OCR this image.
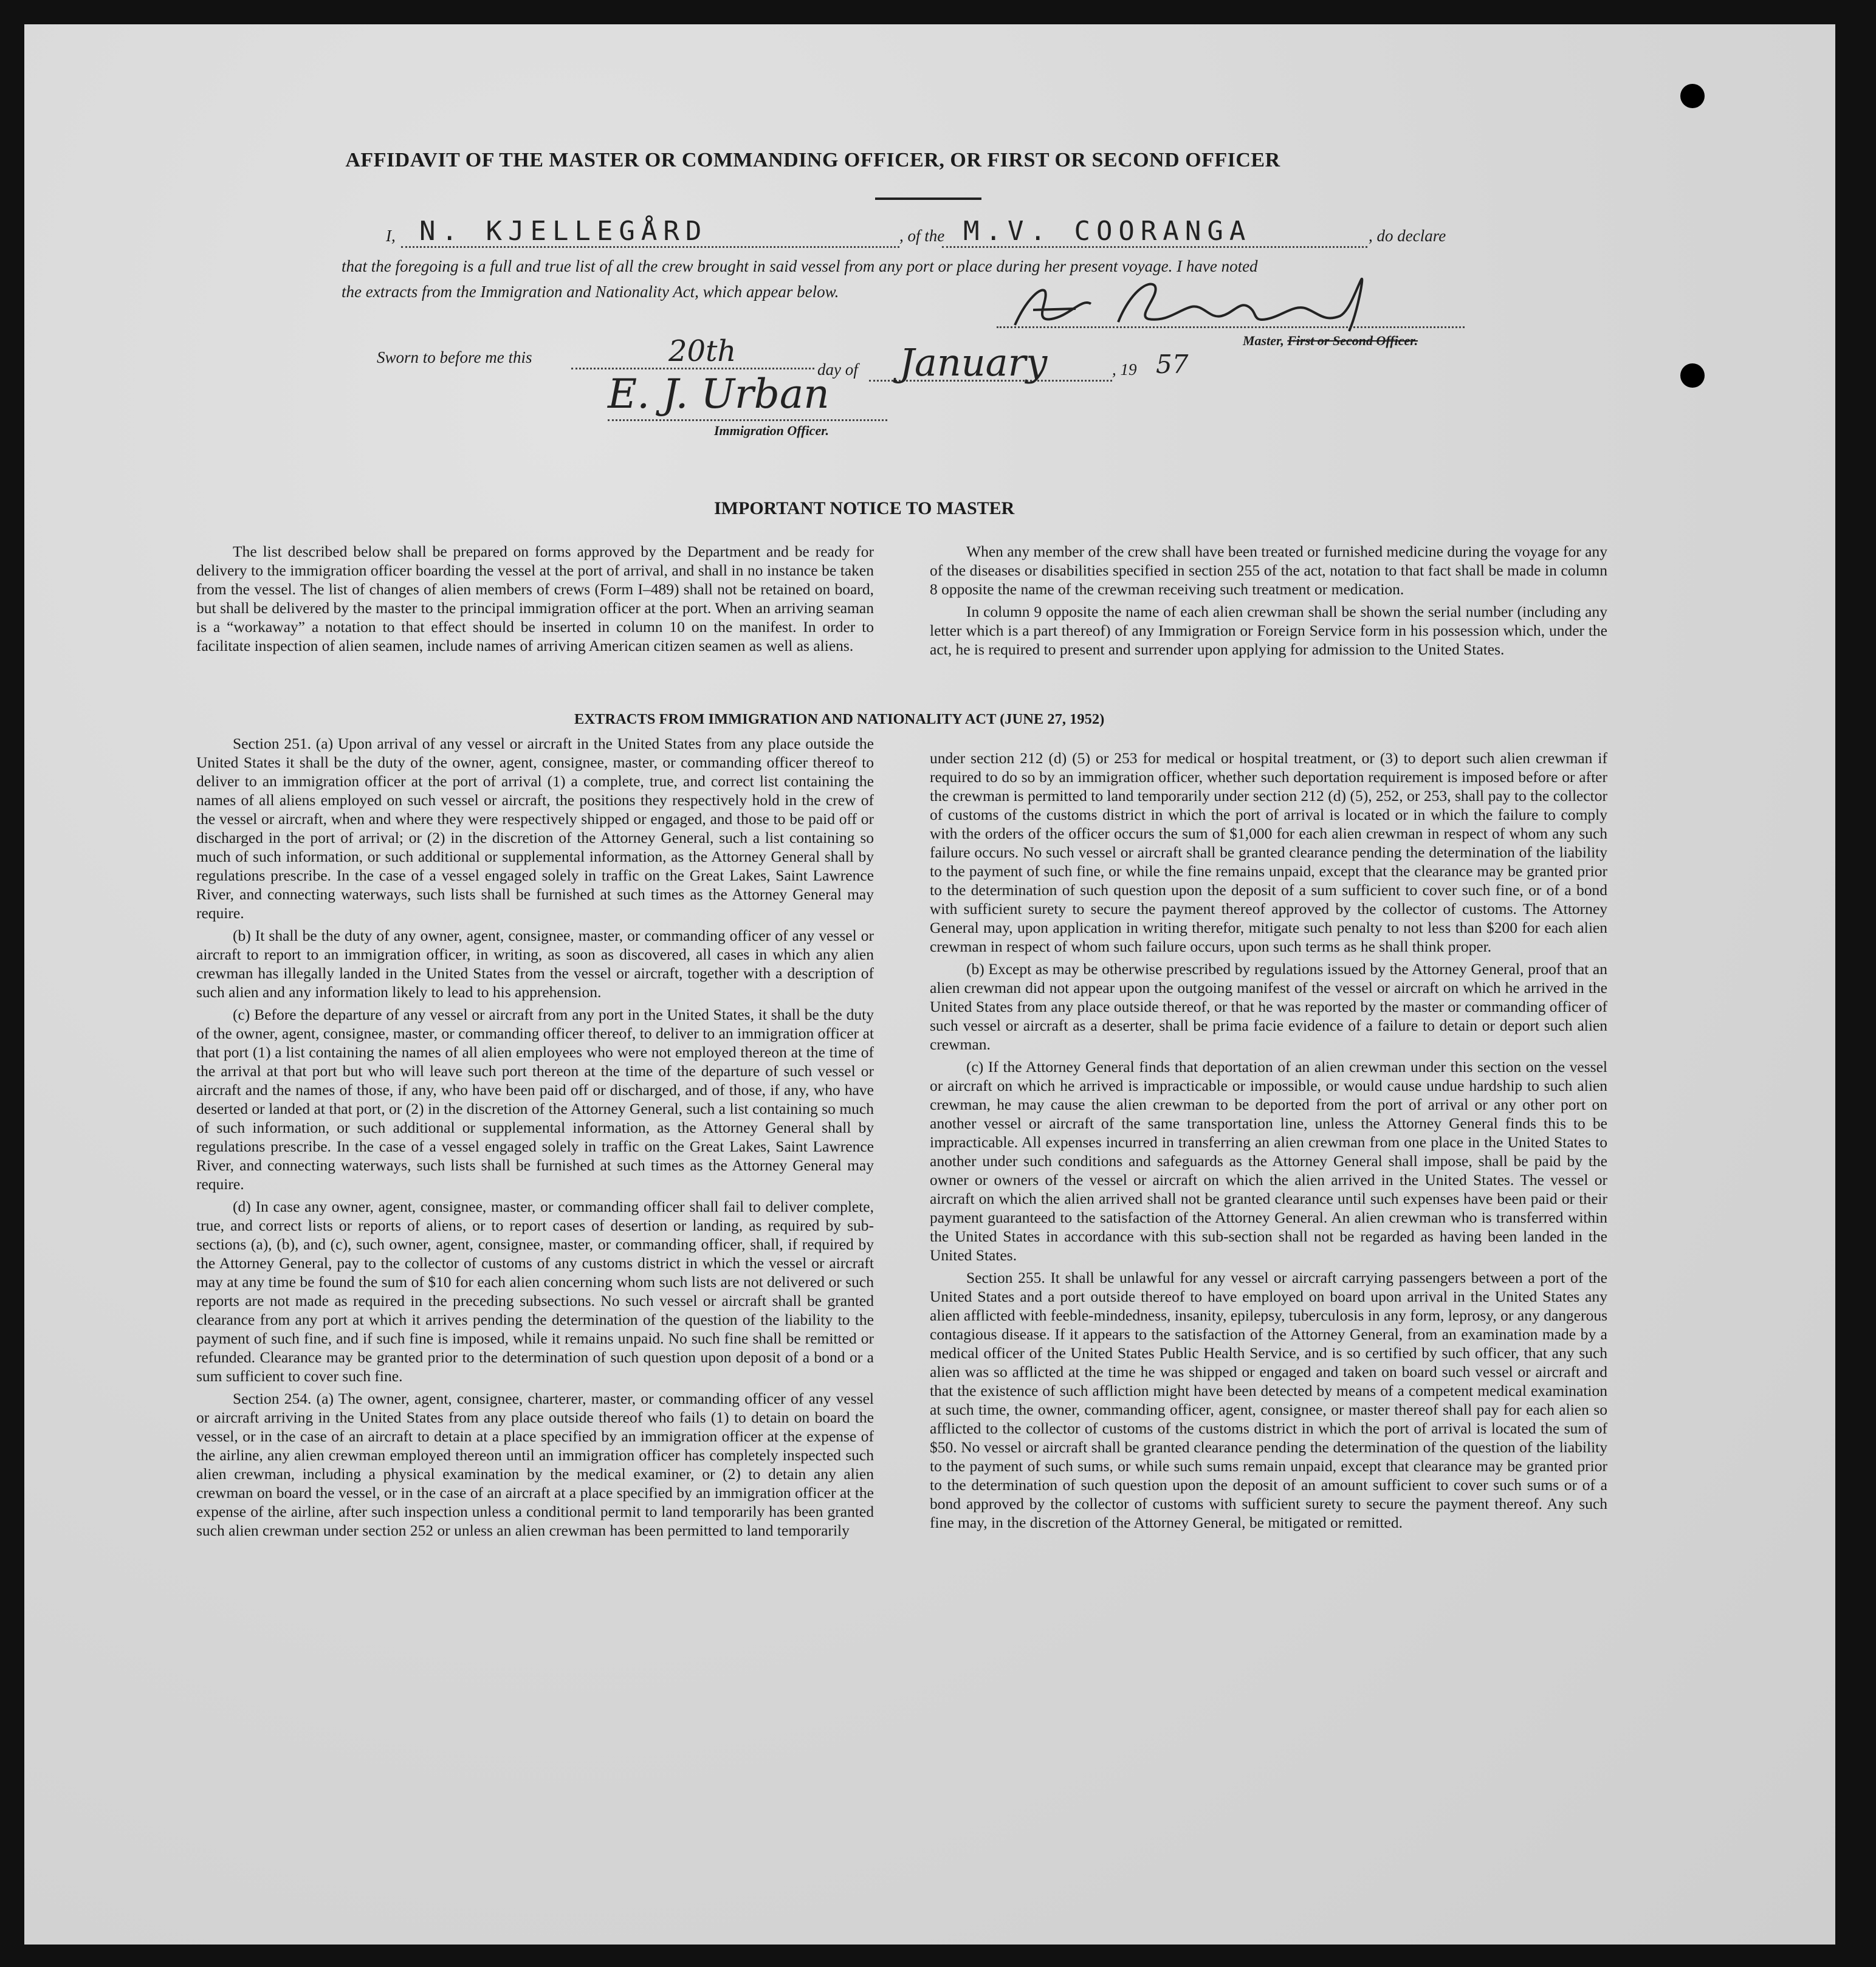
AFFIDAVIT OF THE MASTER OR COMMANDING OFFICER, OR FIRST OR SECOND OFFICER
I, N. KJELLEGÅRD	, of the M.V. COORANGA	, do declare
that the foregoing is a full and true list of all the crew brought in said vessel from any port or place during her present voyage. I have noted
the extracts from the Immigration and Nationality Act, which appear below.
Master, First or Second Officer.
Sworn to before me this	20th
day of January	, 19 57
E. J. Urban
Immigration Officer.
IMPORTANT NOTICE TO MASTER

The list described below shall be prepared on forms approved by the Department and be ready for delivery to the immigration officer boarding the vessel at the port of arrival, and shall in no instance be taken from the vessel. The list of changes of alien members of crews (Form I–489) shall not be retained on board, but shall be delivered by the master to the principal immigration officer at the port. When an arriving seaman is a “workaway” a notation to that effect should be inserted in column 10 on the manifest. In order to facilitate inspection of alien seamen, include names of arriving American citizen seamen as well as aliens.

When any member of the crew shall have been treated or furnished medicine during the voyage for any of the diseases or disabilities specified in section 255 of the act, notation to that fact shall be made in column 8 opposite the name of the crewman receiving such treatment or medication.

In column 9 opposite the name of each alien crewman shall be shown the serial number (including any letter which is a part thereof) of any Immigration or Foreign Service form in his possession which, under the act, he is required to present and surrender upon applying for admission to the United States.

EXTRACTS FROM IMMIGRATION AND NATIONALITY ACT (JUNE 27, 1952)

Section 251. (a) Upon arrival of any vessel or aircraft in the United States from any place outside the United States it shall be the duty of the owner, agent, consignee, master, or commanding officer thereof to deliver to an immigration officer at the port of arrival (1) a complete, true, and correct list containing the names of all aliens employed on such vessel or aircraft, the positions they respectively hold in the crew of the vessel or aircraft, when and where they were respectively shipped or engaged, and those to be paid off or discharged in the port of arrival; or (2) in the discretion of the Attorney General, such a list containing so much of such information, or such additional or supplemental information, as the Attorney General shall by regulations prescribe. In the case of a vessel engaged solely in traffic on the Great Lakes, Saint Lawrence River, and connecting waterways, such lists shall be furnished at such times as the Attorney General may require.

(b) It shall be the duty of any owner, agent, consignee, master, or commanding officer of any vessel or aircraft to report to an immigration officer, in writing, as soon as discovered, all cases in which any alien crewman has illegally landed in the United States from the vessel or aircraft, together with a description of such alien and any information likely to lead to his apprehension.

(c) Before the departure of any vessel or aircraft from any port in the United States, it shall be the duty of the owner, agent, consignee, master, or commanding officer thereof, to deliver to an immigration officer at that port (1) a list containing the names of all alien employees who were not employed thereon at the time of the arrival at that port but who will leave such port thereon at the time of the departure of such vessel or aircraft and the names of those, if any, who have been paid off or discharged, and of those, if any, who have deserted or landed at that port, or (2) in the discretion of the Attorney General, such a list containing so much of such information, or such additional or supplemental information, as the Attorney General shall by regulations prescribe. In the case of a vessel engaged solely in traffic on the Great Lakes, Saint Lawrence River, and connecting waterways, such lists shall be furnished at such times as the Attorney General may require.

(d) In case any owner, agent, consignee, master, or commanding officer shall fail to deliver complete, true, and correct lists or reports of aliens, or to report cases of desertion or landing, as required by sub-sections (a), (b), and (c), such owner, agent, consignee, master, or commanding officer, shall, if required by the Attorney General, pay to the collector of customs of any customs district in which the vessel or aircraft may at any time be found the sum of $10 for each alien concerning whom such lists are not delivered or such reports are not made as required in the preceding subsections. No such vessel or aircraft shall be granted clearance from any port at which it arrives pending the determination of the question of the liability to the payment of such fine, and if such fine is imposed, while it remains unpaid. No such fine shall be remitted or refunded. Clearance may be granted prior to the determination of such question upon deposit of a bond or a sum sufficient to cover such fine.

Section 254. (a) The owner, agent, consignee, charterer, master, or commanding officer of any vessel or aircraft arriving in the United States from any place outside thereof who fails (1) to detain on board the vessel, or in the case of an aircraft to detain at a place specified by an immigration officer at the expense of the airline, any alien crewman employed thereon until an immigration officer has completely inspected such alien crewman, including a physical examination by the medical examiner, or (2) to detain any alien crewman on board the vessel, or in the case of an aircraft at a place specified by an immigration officer at the expense of the airline, after such inspection unless a conditional permit to land temporarily has been granted such alien crewman under section 252 or unless an alien crewman has been permitted to land temporarily

under section 212 (d) (5) or 253 for medical or hospital treatment, or (3) to deport such alien crewman if required to do so by an immigration officer, whether such deportation requirement is imposed before or after the crewman is permitted to land temporarily under section 212 (d) (5), 252, or 253, shall pay to the collector of customs of the customs district in which the port of arrival is located or in which the failure to comply with the orders of the officer occurs the sum of $1,000 for each alien crewman in respect of whom any such failure occurs. No such vessel or aircraft shall be granted clearance pending the determination of the liability to the payment of such fine, or while the fine remains unpaid, except that the clearance may be granted prior to the determination of such question upon the deposit of a sum sufficient to cover such fine, or of a bond with sufficient surety to secure the payment thereof approved by the collector of customs. The Attorney General may, upon application in writing therefor, mitigate such penalty to not less than $200 for each alien crewman in respect of whom such failure occurs, upon such terms as he shall think proper.

(b) Except as may be otherwise prescribed by regulations issued by the Attorney General, proof that an alien crewman did not appear upon the outgoing manifest of the vessel or aircraft on which he arrived in the United States from any place outside thereof, or that he was reported by the master or commanding officer of such vessel or aircraft as a deserter, shall be prima facie evidence of a failure to detain or deport such alien crewman.

(c) If the Attorney General finds that deportation of an alien crewman under this section on the vessel or aircraft on which he arrived is impracticable or impossible, or would cause undue hardship to such alien crewman, he may cause the alien crewman to be deported from the port of arrival or any other port on another vessel or aircraft of the same transportation line, unless the Attorney General finds this to be impracticable. All expenses incurred in transferring an alien crewman from one place in the United States to another under such conditions and safeguards as the Attorney General shall impose, shall be paid by the owner or owners of the vessel or aircraft on which the alien arrived in the United States. The vessel or aircraft on which the alien arrived shall not be granted clearance until such expenses have been paid or their payment guaranteed to the satisfaction of the Attorney General. An alien crewman who is transferred within the United States in accordance with this sub-section shall not be regarded as having been landed in the United States.

Section 255. It shall be unlawful for any vessel or aircraft carrying passengers between a port of the United States and a port outside thereof to have employed on board upon arrival in the United States any alien afflicted with feeble-mindedness, insanity, epilepsy, tuberculosis in any form, leprosy, or any dangerous contagious disease. If it appears to the satisfaction of the Attorney General, from an examination made by a medical officer of the United States Public Health Service, and is so certified by such officer, that any such alien was so afflicted at the time he was shipped or engaged and taken on board such vessel or aircraft and that the existence of such affliction might have been detected by means of a competent medical examination at such time, the owner, commanding officer, agent, consignee, or master thereof shall pay for each alien so afflicted to the collector of customs of the customs district in which the port of arrival is located the sum of $50. No vessel or aircraft shall be granted clearance pending the determination of the question of the liability to the payment of such sums, or while such sums remain unpaid, except that clearance may be granted prior to the determination of such question upon the deposit of an amount sufficient to cover such sums or of a bond approved by the collector of customs with sufficient surety to secure the payment thereof. Any such fine may, in the discretion of the Attorney General, be mitigated or remitted.
